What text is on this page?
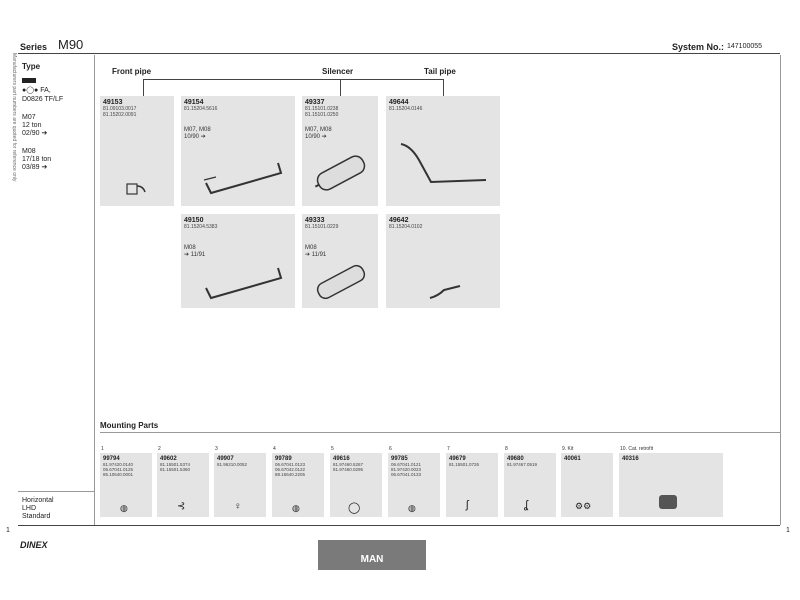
Series M90	System No.: 147100055
Manufacturers part numbers are quoted for reference only Type
●◯● FA,
D0826 TF/LF
M07
12 ton
02/90 ➔
M08
17/18 ton
03/89 ➔
Front pipe	Silencer	Tail pipe
49153
81.09103.0017
81.15202.0091
49154
81.15204.5616
M07, M08
10/90 ➔
49337
81.15101.0238
81.15101.0250
M07, M08
10/90 ➔
49644
81.15204.0146
49150
81.15204.5383
M08
➔ 11/91
49333
81.15101.0229
M08
➔ 11/91
49642
81.15204.0102
Mounting Parts
1
99794
81.97420.0140
06.67041.0125
85.10640.0001
◍
2
49602
81.15501.5374
81.15501.5360
⊰
3
49907
81.96210.0052
♀
4
99789
06.67041.0123
06.67042.0122
88.15640.2205
◍
5
49616
81.97460.5267
81.97460.0295
◯
6
99785
06.67041.0121
81.97420.0023
06.67041.0133
◍
7
49679
81.15501.0726
ʃ
8
49680
81.97467.0519
ʆ
9. Kit
40061
⚙⚙
10. Cat. retrofit
40316
Horizontal
LHD
Standard
1	1
DINEX
MAN
